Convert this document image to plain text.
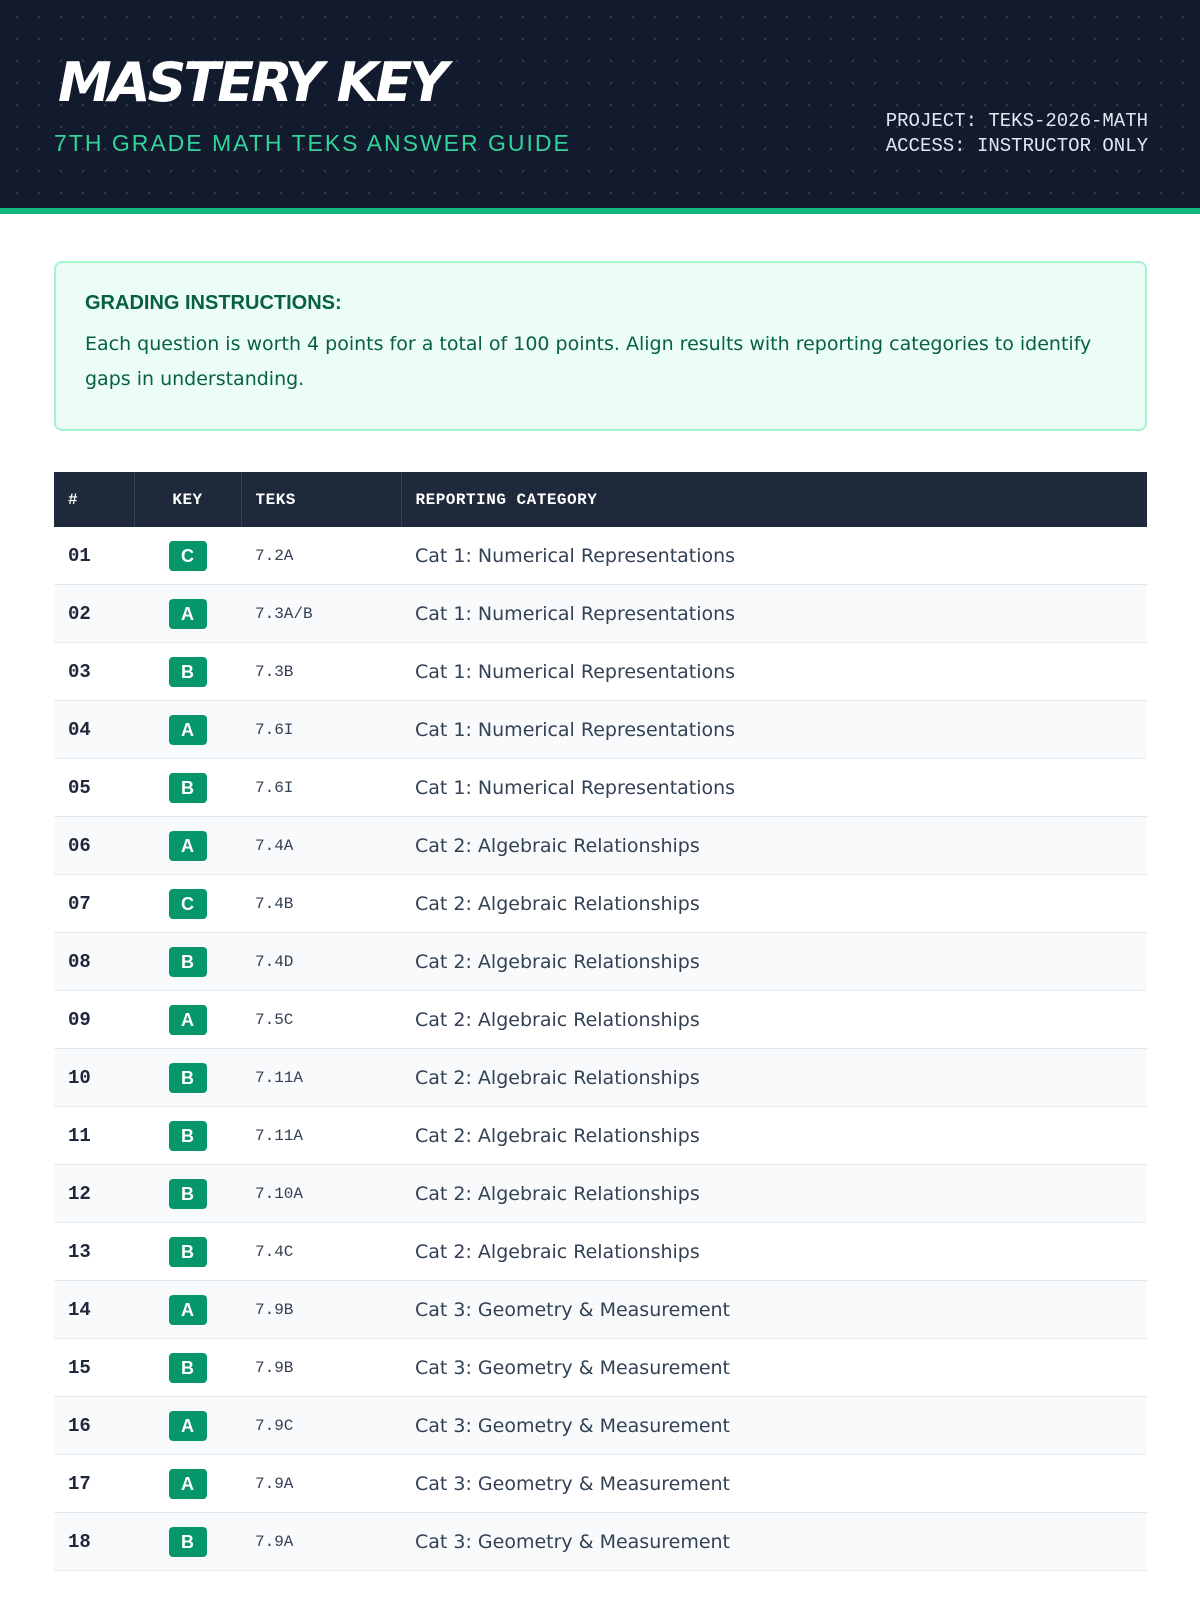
MASTERY KEY
7TH GRADE MATH TEKS ANSWER GUIDE
PROJECT: TEKS-2026-MATH
ACCESS: INSTRUCTOR ONLY
GRADING INSTRUCTIONS:

Each question is worth 4 points for a total of 100 points. Align results with reporting categories to identify gaps in understanding.

#	KEY	TEKS	REPORTING CATEGORY
01	C	7.2A	Cat 1: Numerical Representations
02	A	7.3A/B	Cat 1: Numerical Representations
03	B	7.3B	Cat 1: Numerical Representations
04	A	7.6I	Cat 1: Numerical Representations
05	B	7.6I	Cat 1: Numerical Representations
06	A	7.4A	Cat 2: Algebraic Relationships
07	C	7.4B	Cat 2: Algebraic Relationships
08	B	7.4D	Cat 2: Algebraic Relationships
09	A	7.5C	Cat 2: Algebraic Relationships
10	B	7.11A	Cat 2: Algebraic Relationships
11	B	7.11A	Cat 2: Algebraic Relationships
12	B	7.10A	Cat 2: Algebraic Relationships
13	B	7.4C	Cat 2: Algebraic Relationships
14	A	7.9B	Cat 3: Geometry & Measurement
15	B	7.9B	Cat 3: Geometry & Measurement
16	A	7.9C	Cat 3: Geometry & Measurement
17	A	7.9A	Cat 3: Geometry & Measurement
18	B	7.9A	Cat 3: Geometry & Measurement
